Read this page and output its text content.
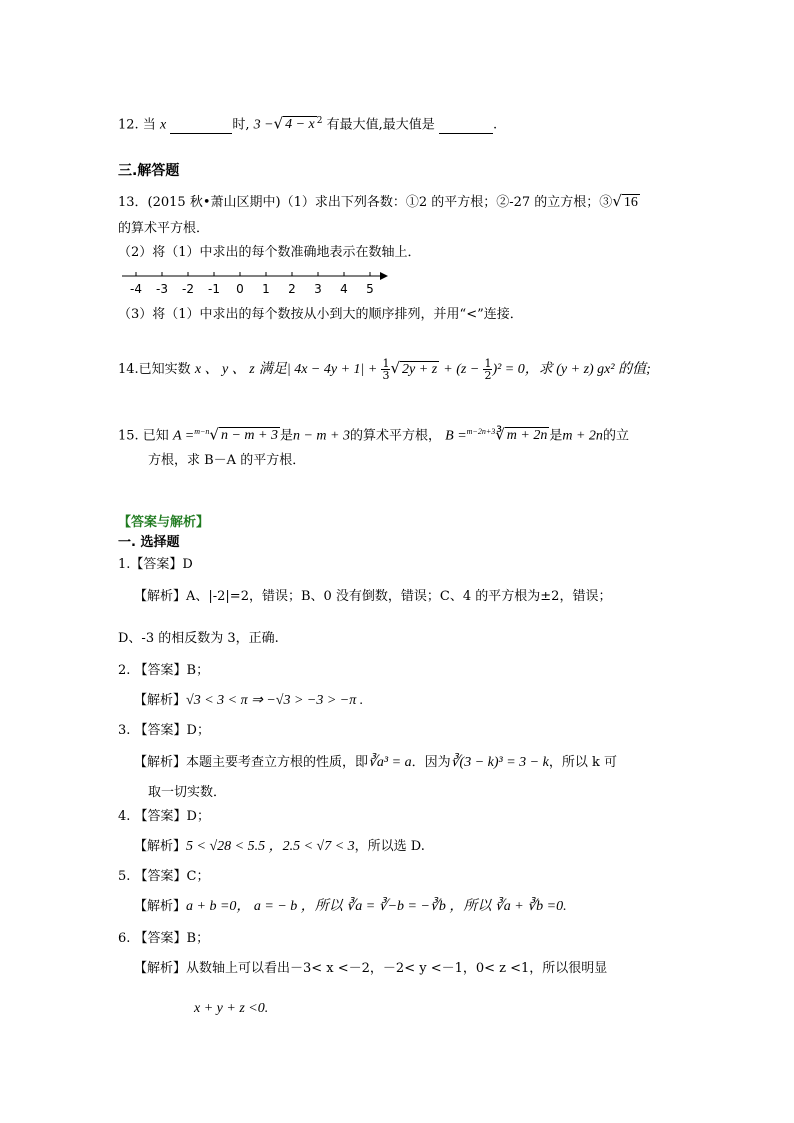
12. 当 x	时, 3 −√ 4 − x $^2$ 有最大值,最大值是	.
三.解答题
13．(2015 秋•萧山区期中)（1）求出下列各数：①2 的平方根；②-27 的立方根；③√ 16
的算术平方根．
（2）将（1）中求出的每个数准确地表示在数轴上．
-4 -3 -2 -1 0 1 2 3 4 5
（3）将（1）中求出的每个数按从小到大的顺序排列，并用“<”连接．
14.已知实数 x 、 y 、 z 满足| $4x - 4y + 1| + \frac{1}{3}$ √ $2y + z + (z - \frac{1}{2} )^2 = 0$，求 (y + z) gx² 的值;
15. 已知 A =$^{m-n}$√ n − m + 3 是n − m + 3的算术平方根， B =$^{m-2n+3}$∛ m + 2n 是m + 2n的立
方根，求 B－A 的平方根．
【答案与解析】
一. 选择题
1.【答案】D
【解析】A、|-2|=2，错误；B、0 没有倒数，错误；C、4 的平方根为±2，错误；
D、-3 的相反数为 3，正确.
2. 【答案】B；
【解析】√3 < 3 < π ⇒ −√3 > −3 > −π .
3. 【答案】D；
【解析】本题主要考查立方根的性质，即∛a³ = a．因为∛(3 − k)³ = 3 − k，所以 k 可
取一切实数．
4. 【答案】D；
【解析】5 < √28 < 5.5 ，2.5 < √7 < 3，所以选 D.
5. 【答案】C；
【解析】a + b =0， a = − b ，所以 ∛a = ∛−b = −∛b ，所以 ∛a + ∛b =0.
6. 【答案】B；
【解析】从数轴上可以看出－3< x <－2，－2< y <－1，0< z <1，所以很明显
x + y + z <0.
